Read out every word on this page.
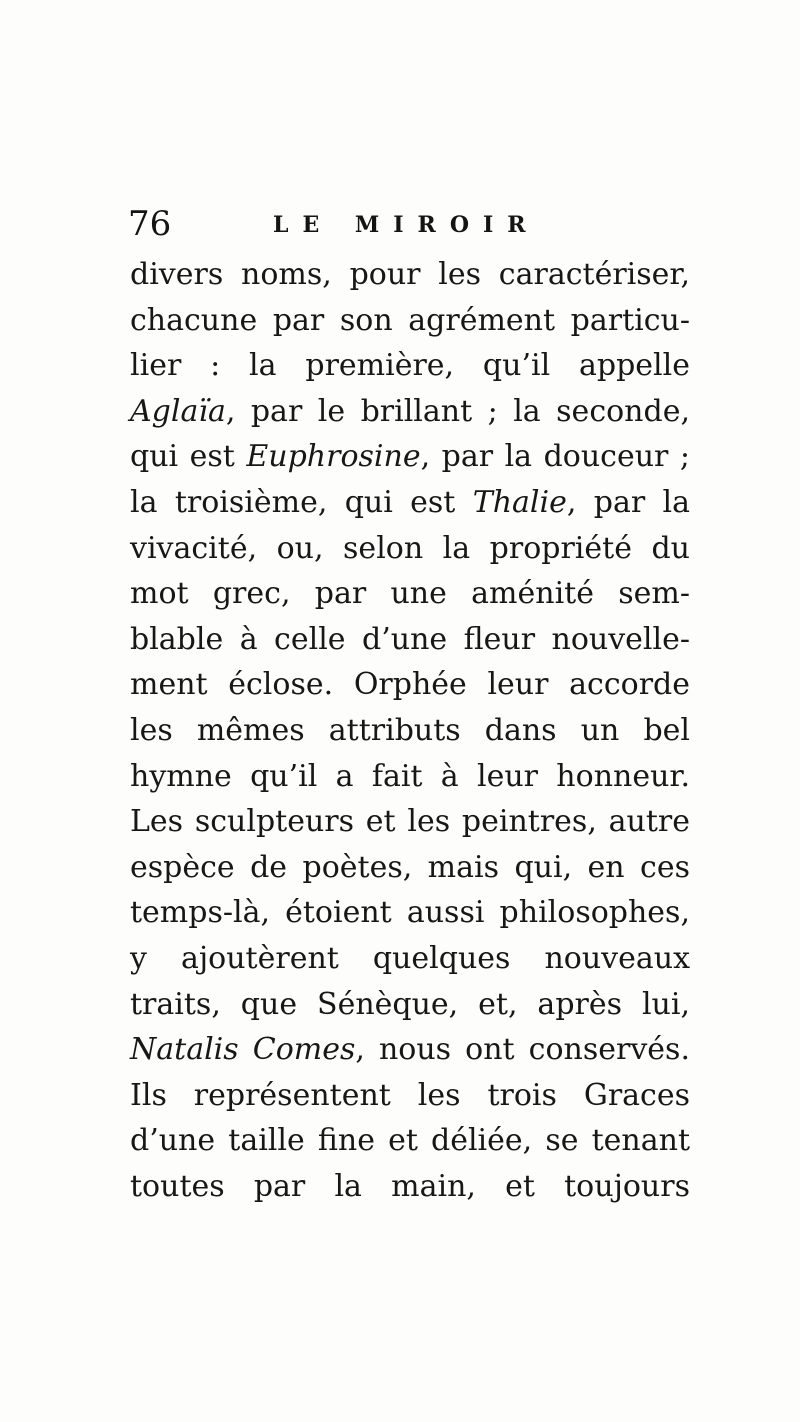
76	LE MIROIR
divers noms, pour les caractériser,
chacune par son agrément particu-
lier : la première, qu’il appelle
Aglaïa, par le brillant ; la seconde,
qui est Euphrosine, par la douceur ;
la troisième, qui est Thalie, par la
vivacité, ou, selon la propriété du
mot grec, par une aménité sem-
blable à celle d’une fleur nouvelle-
ment éclose. Orphée leur accorde
les mêmes attributs dans un bel
hymne qu’il a fait à leur honneur.
Les sculpteurs et les peintres, autre
espèce de poètes, mais qui, en ces
temps-là, étoient aussi philosophes,
y ajoutèrent quelques nouveaux
traits, que Sénèque, et, après lui,
Natalis Comes, nous ont conservés.
Ils représentent les trois Graces
d’une taille fine et déliée, se tenant
toutes par la main, et toujours
